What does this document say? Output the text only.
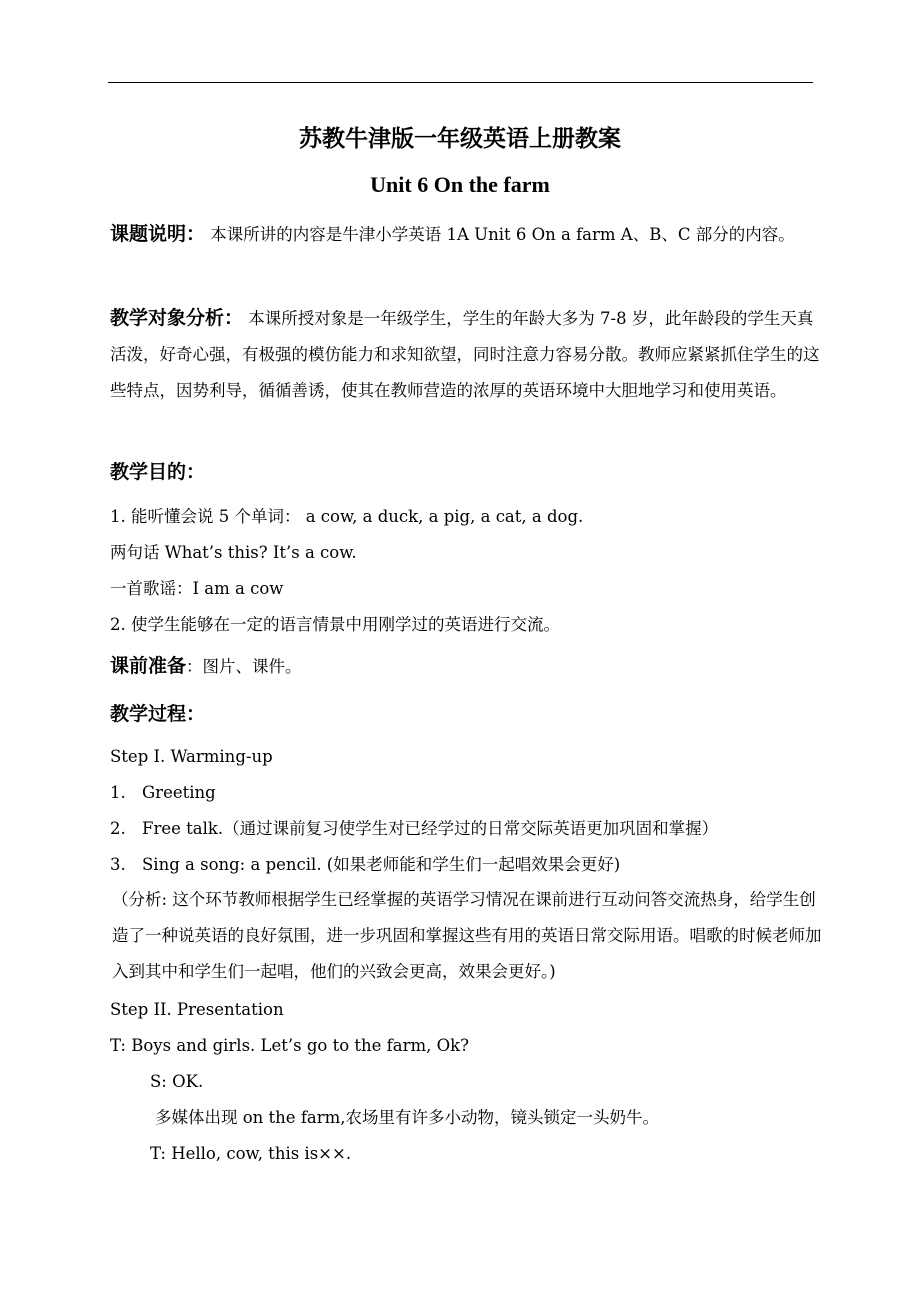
苏教牛津版一年级英语上册教案
Unit 6 On the farm
课题说明： 本课所讲的内容是牛津小学英语 1A Unit 6 On a farm A、B、C 部分的内容。
教学对象分析： 本课所授对象是一年级学生，学生的年龄大多为 7-8 岁，此年龄段的学生天真活泼，好奇心强，有极强的模仿能力和求知欲望，同时注意力容易分散。教师应紧紧抓住学生的这些特点，因势利导，循循善诱，使其在教师营造的浓厚的英语环境中大胆地学习和使用英语。
教学目的：
1. 能听懂会说 5 个单词： a cow, a duck, a pig, a cat, a dog.
两句话 What’s this? It’s a cow.
一首歌谣：I am a cow
2. 使学生能够在一定的语言情景中用刚学过的英语进行交流。
课前准备：图片、课件。
教学过程：
Step I. Warming-up
1. Greeting
2. Free talk.（通过课前复习使学生对已经学过的日常交际英语更加巩固和掌握）
3. Sing a song: a pencil. (如果老师能和学生们一起唱效果会更好)
（分析: 这个环节教师根据学生已经掌握的英语学习情况在课前进行互动问答交流热身，给学生创造了一种说英语的良好氛围，进一步巩固和掌握这些有用的英语日常交际用语。唱歌的时候老师加入到其中和学生们一起唱，他们的兴致会更高，效果会更好。)
Step II. Presentation
T: Boys and girls. Let’s go to the farm, Ok?
S: OK.
多媒体出现 on the farm,农场里有许多小动物，镜头锁定一头奶牛。
T: Hello, cow, this is××.
